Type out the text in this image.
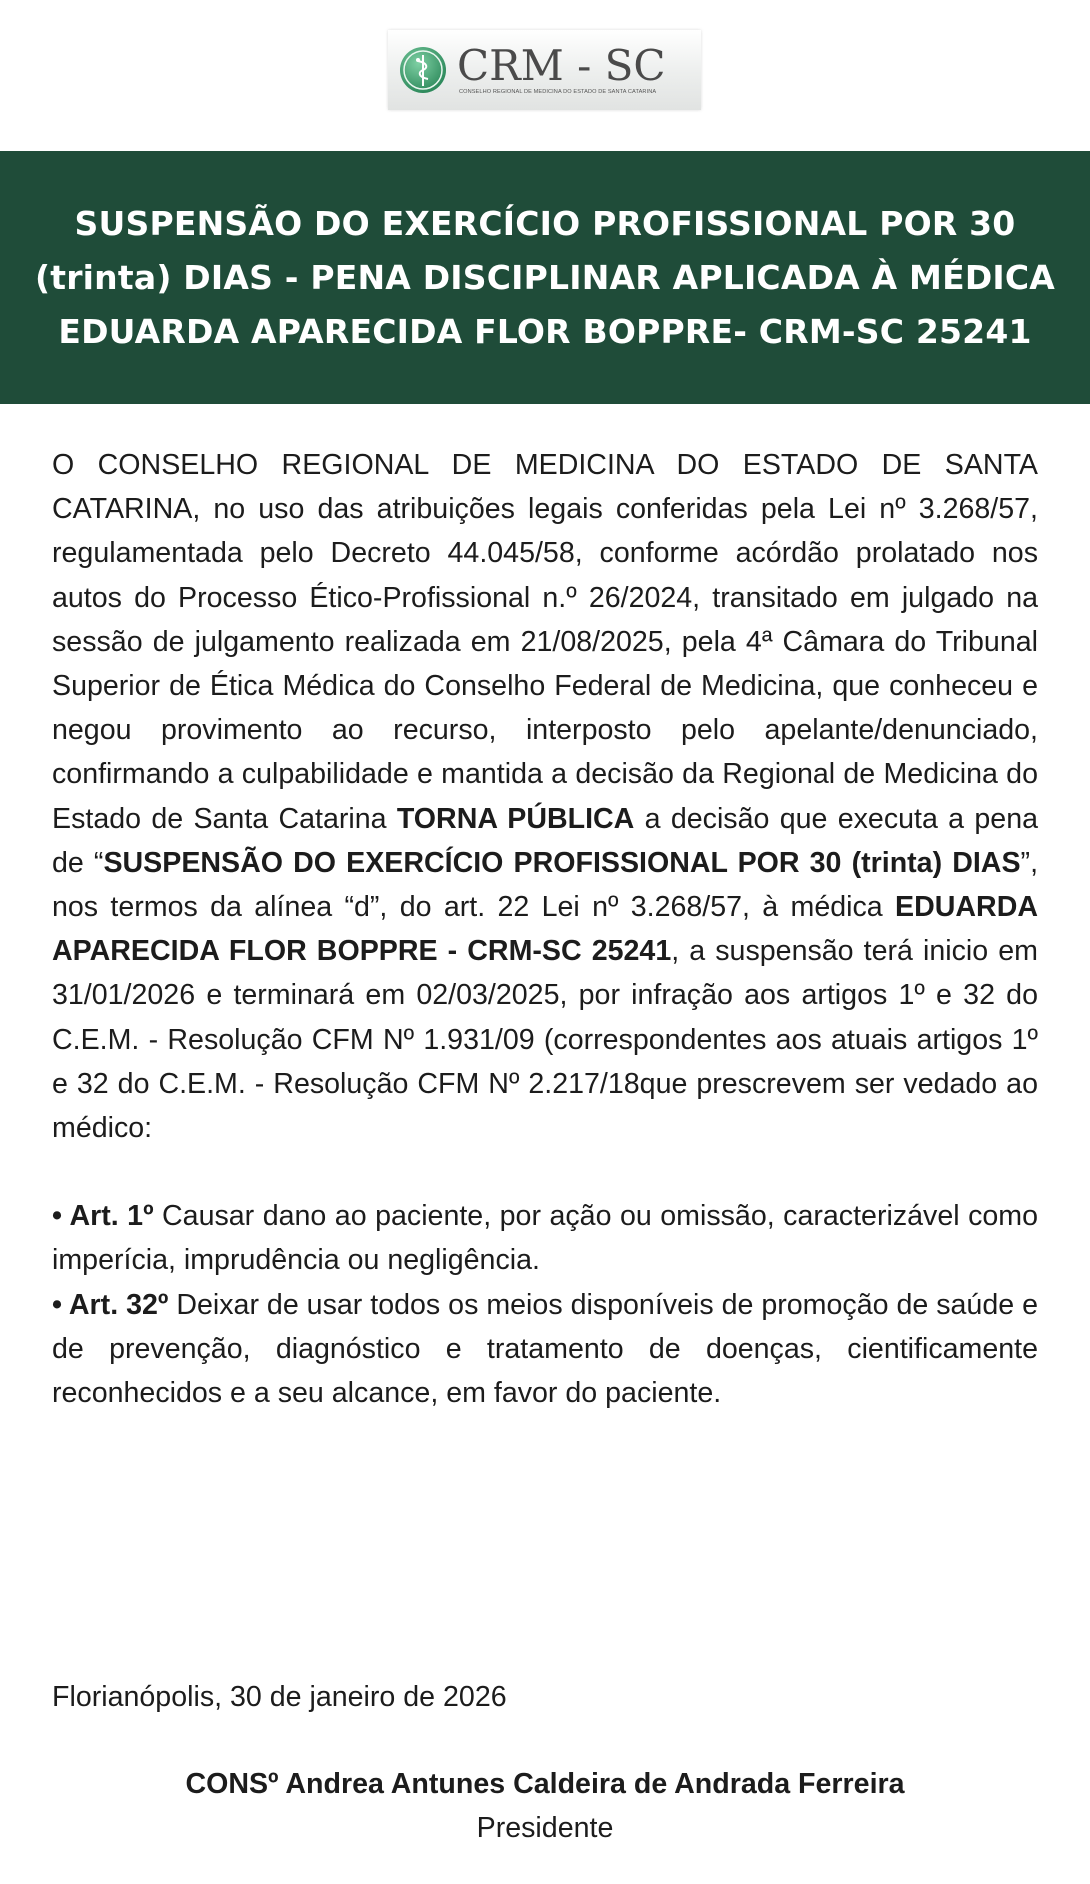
CRM - SC
CONSELHO REGIONAL DE MEDICINA DO ESTADO DE SANTA CATARINA
SUSPENSÃO DO EXERCÍCIO PROFISSIONAL POR 30 (trinta) DIAS - PENA DISCIPLINAR APLICADA À MÉDICA EDUARDA APARECIDA FLOR BOPPRE- CRM-SC 25241

O CONSELHO REGIONAL DE MEDICINA DO ESTADO DE SANTA CATARINA, no uso das atribuições legais conferidas pela Lei nº 3.268/57, regulamentada pelo Decreto 44.045/58, conforme acórdão prolatado nos autos do Processo Ético-Profissional n.º 26/2024, transitado em julgado na sessão de julgamento realizada em 21/08/2025, pela 4ª Câmara do Tribunal Superior de Ética Médica do Conselho Federal de Medicina, que conheceu e negou provimento ao recurso, interposto pelo apelante/denunciado, confirmando a culpabilidade e mantida a decisão da Regional de Medicina do Estado de Santa Catarina TORNA PÚBLICA a decisão que executa a pena de “SUSPENSÃO DO EXERCÍCIO PROFISSIONAL POR 30 (trinta) DIAS”, nos termos da alínea “d”, do art. 22 Lei nº 3.268/57, à médica EDUARDA APARECIDA FLOR BOPPRE - CRM-SC 25241, a suspensão terá inicio em 31/01/2026 e terminará em 02/03/2025, por infração aos artigos 1º e 32 do C.E.M. - Resolução CFM Nº 1.931/09 (correspondentes aos atuais artigos 1º e 32 do C.E.M. - Resolução CFM Nº 2.217/18que prescrevem ser vedado ao médico:

• Art. 1º Causar dano ao paciente, por ação ou omissão, caracterizável como imperícia, imprudência ou negligência.

• Art. 32º Deixar de usar todos os meios disponíveis de promoção de saúde e de prevenção, diagnóstico e tratamento de doenças, cientificamente reconhecidos e a seu alcance, em favor do paciente.

Florianópolis, 30 de janeiro de 2026
CONSº Andrea Antunes Caldeira de Andrada Ferreira
Presidente
